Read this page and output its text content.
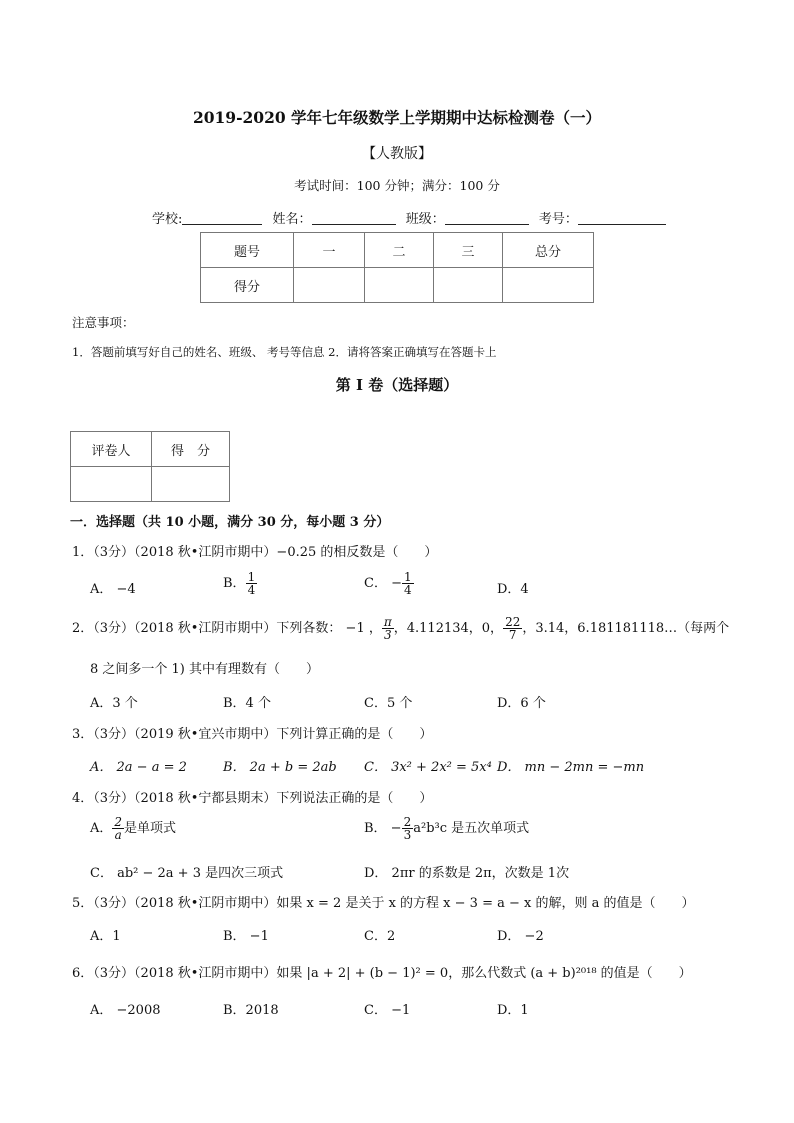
2019-2020 学年七年级数学上学期期中达标检测卷（一）
【人教版】
考试时间：100 分钟；满分：100 分
学校:	姓名：	班级：	考号：
题号	一	二	三	总分
得分				
注意事项：
1．答题前填写好自己的姓名、班级、 考号等信息 2．请将答案正确填写在答题卡上
第 I 卷（选择题）
评卷人	得　分

一．选择题（共 10 小题，满分 30 分，每小题 3 分）
1．（3分）（2018 秋•江阴市期中）−0.25 的相反数是（　　）
A． −4	B． $\frac{1}{4}$	C． − $\frac{1}{4}$	D．4
2．（3分）（2018 秋•江阴市期中）下列各数： −1 ， $\frac{\pi}{3}$ ，4.112134，0， $\frac{22}{7}$ ，3.14，6.181181118…（每两个
8 之间多一个 1) 其中有理数有（　　）
A．3 个	B．4 个	C．5 个	D．6 个
3．（3分）（2019 秋•宜兴市期中）下列计算正确的是（　　）
A． 2a − a = 2	B． 2a + b = 2ab C． 3x² + 2x² = 5x⁴ D． mn − 2mn = −mn
4．（3分）（2018 秋•宁都县期末）下列说法正确的是（　　）
A． $\frac{2}{a}$ 是单项式	B． − $\frac{2}{3} a^2b^3c$ 是五次单项式
C． ab² − 2a + 3 是四次三项式	D． 2πr 的系数是 2π，次数是 1次
5．（3分）（2018 秋•江阴市期中）如果 x = 2 是关于 x 的方程 x − 3 = a − x 的解，则 a 的值是（　　）
A．1	B． −1	C．2	D． −2
6．（3分）（2018 秋•江阴市期中）如果 |a + 2| + (b − 1)² = 0，那么代数式 (a + b)²⁰¹⁸ 的值是（　　）
A． −2008	B．2018	C． −1	D．1
